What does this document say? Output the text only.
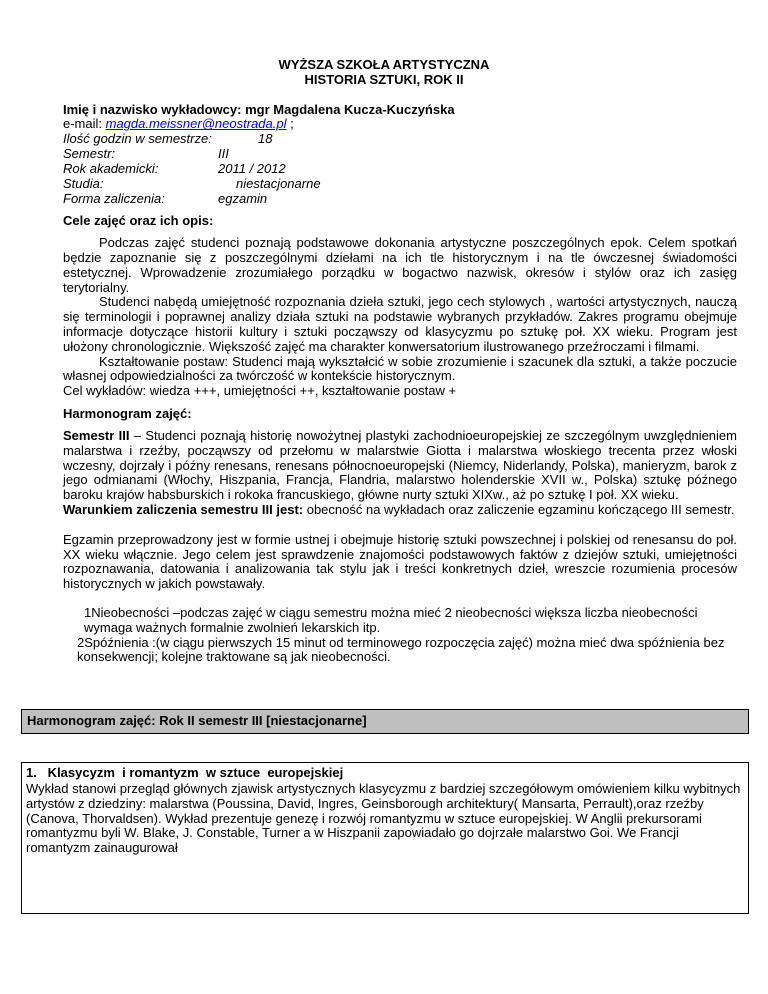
WYŻSZA SZKOŁA ARTYSTYCZNA
HISTORIA SZTUKI, ROK II

Imię i nazwisko wykładowcy: mgr Magdalena Kucza-Kuczyńska

e-mail: magda.meissner@neostrada.pl ;

Ilość godzin w semestrze:	18
Semestr:	III
Rok akademicki:	2011 / 2012
Studia:	niestacjonarne
Forma zaliczenia:	egzamin

Cele zajęć oraz ich opis:

Podczas zajęć studenci poznają podstawowe dokonania artystyczne poszczególnych epok. Celem spotkań będzie zapoznanie się z poszczególnymi dziełami na ich tle historycznym i na tle ówczesnej świadomości estetycznej. Wprowadzenie zrozumiałego porządku w bogactwo nazwisk, okresów i stylów oraz ich zasięg terytorialny.

Studenci nabędą umiejętność rozpoznania dzieła sztuki, jego cech stylowych , wartości artystycznych, nauczą się terminologii i poprawnej analizy działa sztuki na podstawie wybranych przykładów. Zakres programu obejmuje informacje dotyczące historii kultury i sztuki począwszy od klasycyzmu po sztukę poł. XX wieku. Program jest ułożony chronologicznie. Większość zajęć ma charakter konwersatorium ilustrowanego przeźroczami i filmami.

Kształtowanie postaw: Studenci mają wykształcić w sobie zrozumienie i szacunek dla sztuki, a także poczucie własnej odpowiedzialności za twórczość w kontekście historycznym.

Cel wykładów: wiedza +++, umiejętności ++, kształtowanie postaw +

Harmonogram zajęć:

Semestr III – Studenci poznają historię nowożytnej plastyki zachodnioeuropejskiej ze szczególnym uwzględnieniem malarstwa i rzeźby, począwszy od przełomu w malarstwie Giotta i malarstwa włoskiego trecenta przez włoski wczesny, dojrzały i późny renesans, renesans północnoeuropejski (Niemcy, Niderlandy, Polska), manieryzm, barok z jego odmianami (Włochy, Hiszpania, Francja, Flandria, malarstwo holenderskie XVII w., Polska) sztukę późnego baroku krajów habsburskich i rokoka francuskiego, główne nurty sztuki XIXw., aż po sztukę I poł. XX wieku.

Warunkiem zaliczenia semestru III jest: obecność na wykładach oraz zaliczenie egzaminu kończącego III semestr.

Egzamin przeprowadzony jest w formie ustnej i obejmuje historię sztuki powszechnej i polskiej od renesansu do poł. XX wieku włącznie. Jego celem jest sprawdzenie znajomości podstawowych faktów z dziejów sztuki, umiejętności rozpoznawania, datowania i analizowania tak stylu jak i treści konkretnych dzieł, wreszcie rozumienia procesów historycznych w jakich powstawały.

1Nieobecności –podczas zajęć w ciągu semestru można mieć 2 nieobecności większa liczba nieobecności wymaga ważnych formalnie zwolnień lekarskich itp.

2Spóźnienia :(w ciągu pierwszych 15 minut od terminowego rozpoczęcia zajęć) można mieć dwa spóźnienia bez konsekwencji; kolejne traktowane są jak nieobecności.

Harmonogram zajęć: Rok II semestr III [niestacjonarne]
1.   Klasycyzm  i romantyzm  w sztuce  europejskiej
Wykład stanowi przegląd głównych zjawisk artystycznych klasycyzmu z bardziej szczegółowym omówieniem kilku wybitnych artystów z dziedziny: malarstwa (Poussina, David, Ingres, Geinsborough architektury( Mansarta, Perrault),oraz rzeźby (Canova, Thorvaldsen). Wykład prezentuje genezę i rozwój romantyzmu w sztuce europejskiej. W Anglii prekursorami romantyzmu byli W. Blake, J. Constable, Turner a w Hiszpanii zapowiadało go dojrzałe malarstwo Goi. We Francji romantyzm zainaugurował
